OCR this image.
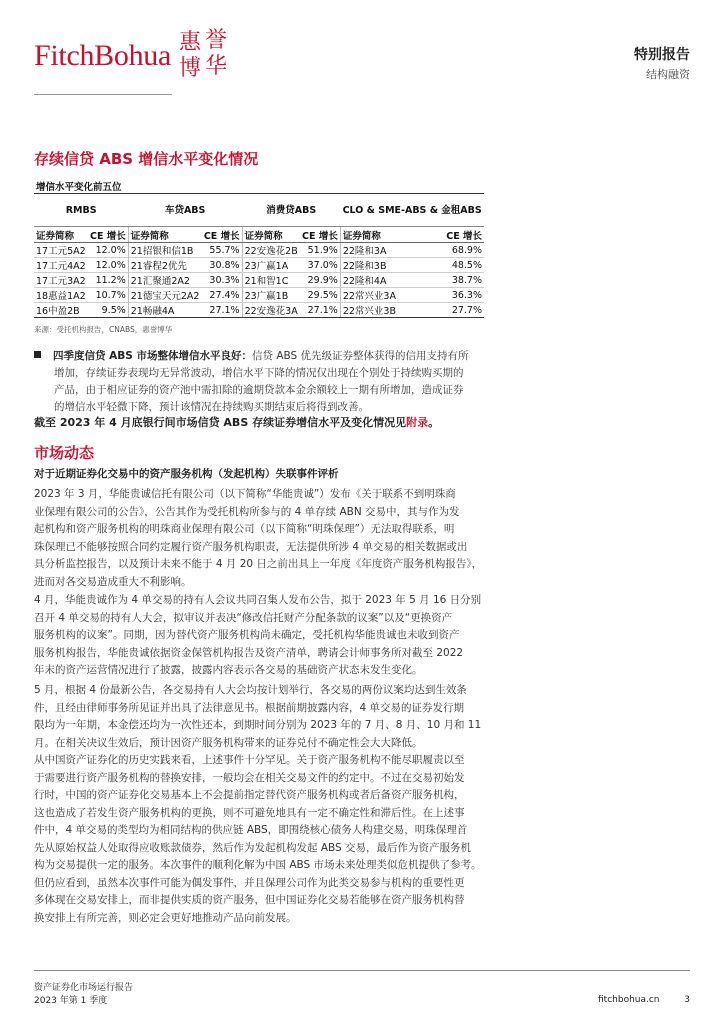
FitchBohua 惠 誉
博 华	特别报告
结构融资
存续信贷 ABS 增信水平变化情况
增信水平变化前五位							
RMBS		车贷ABS		消费贷ABS		CLO & SME-ABS & 金租ABS	
证券简称	CE 增长	证券简称	CE 增长	证券简称	CE 增长	证券简称	CE 增长
17工元5A2	12.0%	21招银和信1B	55.7%	22安逸花2B	51.9%	22隆和3A	68.9%
17工元4A2	12.0%	21睿程2优先	30.8%	23广赢1A	37.0%	22隆和3B	48.5%
17工元3A2	11.2%	21汇聚通2A2	30.3%	21和智1C	29.9%	22隆和4A	38.7%
18惠益1A2	10.7%	21德宝天元2A2	27.4%	23广赢1B	29.5%	22常兴业3A	36.3%
16中盈2B	9.5%	21畅融4A	27.1%	22安逸花3A	27.1%	22常兴业3B	27.7%
来源：受托机构报告，CNABS，惠誉博华
四季度信贷 ABS 市场整体增信水平良好：信贷 ABS 优先级证券整体获得的信用支持有所
增加，存续证券表现均无异常波动，增信水平下降的情况仅出现在个别处于持续购买期的
产品，由于相应证券的资产池中需扣除的逾期贷款本金余额较上一期有所增加，造成证券
的增信水平轻微下降，预计该情况在持续购买期结束后将得到改善。
截至 2023 年 4 月底银行间市场信贷 ABS 存续证券增信水平及变化情况见附录。
市场动态
对于近期证券化交易中的资产服务机构（发起机构）失联事件评析
2023 年 3 月，华能贵诚信托有限公司（以下简称“华能贵诚”）发布《关于联系不到明珠商
业保理有限公司的公告》，公告其作为受托机构所参与的 4 单存续 ABN 交易中，其与作为发
起机构和资产服务机构的明珠商业保理有限公司（以下简称“明珠保理”）无法取得联系，明
珠保理已不能够按照合同约定履行资产服务机构职责，无法提供所涉 4 单交易的相关数据或出
具分析监控报告，以及预计未来不能于 4 月 20 日之前出具上一年度《年度资产服务机构报告》，
进而对各交易造成重大不利影响。
4 月，华能贵诚作为 4 单交易的持有人会议共同召集人发布公告，拟于 2023 年 5 月 16 日分别
召开 4 单交易的持有人大会，拟审议并表决“修改信托财产分配条款的议案”以及“更换资产
服务机构的议案”。同期，因为替代资产服务机构尚未确定，受托机构华能贵诚也未收到资产
服务机构报告，华能贵诚依据资金保管机构报告及资产清单，聘请会计师事务所对截至 2022
年末的资产运营情况进行了披露，披露内容表示各交易的基础资产状态未发生变化。
5 月，根据 4 份最新公告，各交易持有人大会均按计划举行，各交易的两份议案均达到生效条
件，且经由律师事务所见证并出具了法律意见书。根据前期披露内容，4 单交易的证券发行期
限均为一年期，本金偿还均为一次性还本，到期时间分别为 2023 年的 7 月、8 月、10 月和 11
月。在相关决议生效后，预计因资产服务机构带来的证券兑付不确定性会大大降低。
从中国资产证券化的历史实践来看，上述事件十分罕见。关于资产服务机构不能尽职履责以至
于需要进行资产服务机构的替换安排，一般均会在相关交易文件的约定中。不过在交易初始发
行时，中国的资产证券化交易基本上不会提前指定替代资产服务机构或者后备资产服务机构，
这也造成了若发生资产服务机构的更换，则不可避免地具有一定不确定性和滞后性。在上述事
件中，4 单交易的类型均为相同结构的供应链 ABS，即围绕核心债务人构建交易，明珠保理首
先从原始权益人处取得应收账款债券，然后作为发起机构发起 ABS 交易，最后作为资产服务机
构为交易提供一定的服务。本次事件的顺利化解为中国 ABS 市场未来处理类似危机提供了参考。
但仍应看到，虽然本次事件可能为偶发事件，并且保理公司作为此类交易参与机构的重要性更
多体现在交易安排上，而非提供实质的资产服务，但中国证券化交易若能够在资产服务机构替
换安排上有所完善，则必定会更好地推动产品向前发展。
资产证券化市场运行报告
2023 年第 1 季度	fitchbohua.cn	3
